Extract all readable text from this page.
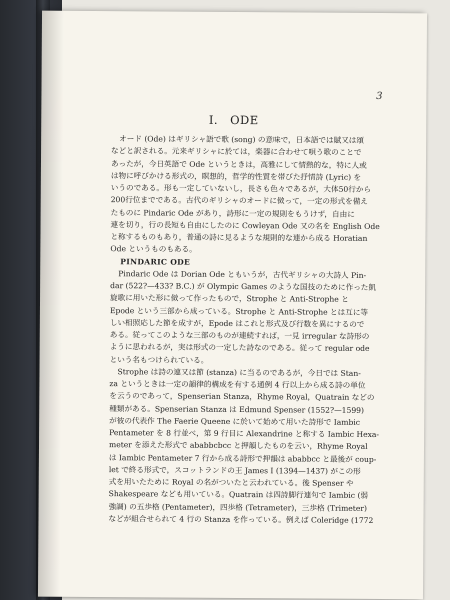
3
Ⅰ.　ODE
オード (Ode) はギリシャ語で歌 (song) の意味で，日本語では賦又は頌
などと訳される。元来ギリシャに於ては，楽器に合わせて唄う歌のことで
あったが，今日英語で Ode というときは，高雅にして情熱的な，特に人或
は物に呼びかける形式の，瞑想的，哲学的性質を帯びた抒情詩 (Lyric) を
いうのである。形も一定していないし，長さも色々であるが，大体50行から
200行位までである。古代のギリシャのオードに傚って，一定の形式を備え
たものに Pindaric Ode があり，詩形に一定の規則をもうけず，自由に
連を切り，行の長短も自由にしたのに Cowleyan Ode 又の名を English Ode
と称するものもあり，普通の詩に見るような規則的な連から成る Horatian
Ode というものもある。
PINDARIC ODE
Pindaric Ode は Dorian Ode ともいうが，古代ギリシャの大詩人 Pin-
dar (522?—433? B.C.) が Olympic Games のような国技のために作った凱
旋歌に用いた形に傚って作ったもので，Strophe と Anti-Strophe と
Epode という三部から成っている。Strophe と Anti-Strophe とは互に等
しい相照応した節を成すが，Epode はこれと形式及び行数を異にするので
ある。従ってこのような三部のものが連続すれば，一見 irregular な詩形の
ように思われるが，実は形式の一定した詩なのである。従って regular ode
という名もつけられている。
Strophe は詩の連又は節 (stanza) に当るのであるが，今日では Stan-
za というときは一定の韻律的構成を有する通例 4 行以上から成る詩の単位
を云うのであって，Spenserian Stanza，Rhyme Royal，Quatrain などの
種類がある。Spenserian Stanza は Edmund Spenser (1552?—1599)
が彼の代表作 The Faerie Queene に於いて始めて用いた詩形で Iambic
Pentameter を 8 行並べ，第 9 行目に Alexandrine と称する Iambic Hexa-
meter を添えた形式で ababbcbcc と押韻したものを云い，Rhyme Royal
は Iambic Pentameter 7 行から成る詩形で押韻は ababbcc と最後が coup-
let で終る形式で，スコットランドの王 James I (1394—1437) がこの形
式を用いたために Royal の名がついたと云われている。後 Spenser や
Shakespeare なども用いている。Quatrain は四詩脚行連句で Iambic (弱
強調) の五歩格 (Pentameter)，四歩格 (Tetrameter)，三歩格 (Trimeter)
などが組合せられて 4 行の Stanza を作っている。例えば Coleridge (1772
